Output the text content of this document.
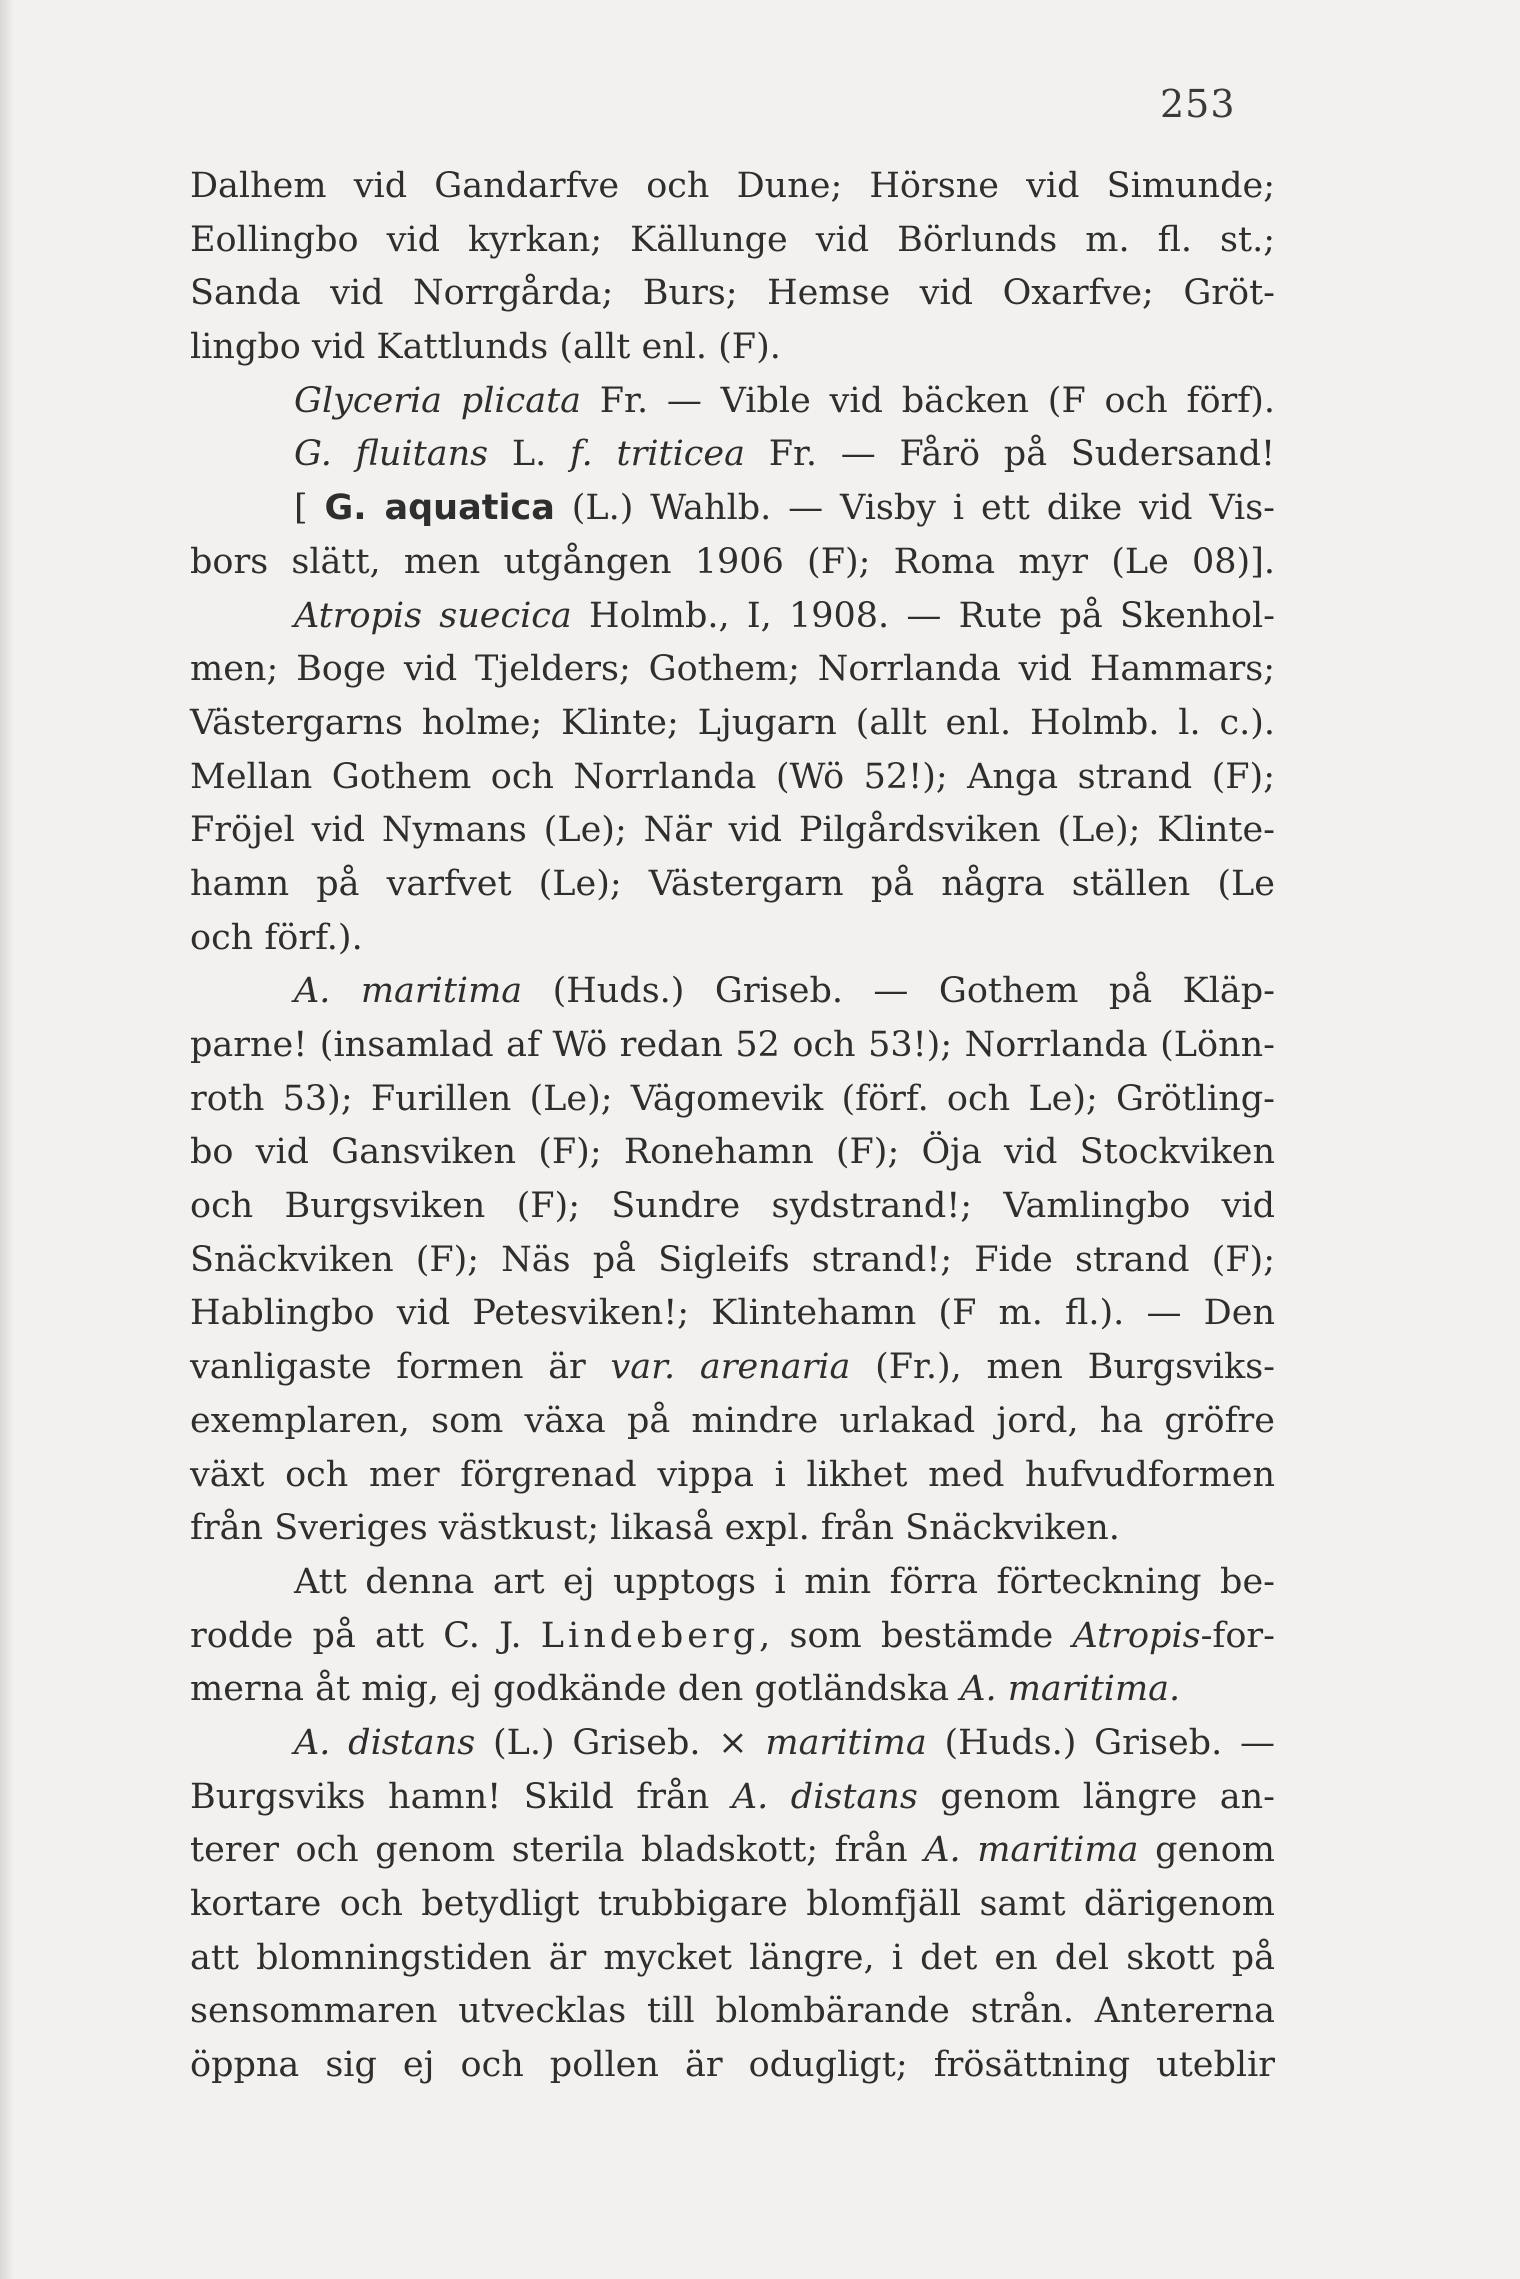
253
Dalhem vid Gandarfve och Dune; Hörsne vid Simunde;
Eollingbo vid kyrkan; Källunge vid Börlunds m. fl. st.;
Sanda vid Norrgårda; Burs; Hemse vid Oxarfve; Gröt-
lingbo vid Kattlunds (allt enl. (F).
Glyceria plicata Fr. — Vible vid bäcken (F och förf).
G. fluitans L. f. triticea Fr. — Fårö på Sudersand!
[ G. aquatica (L.) Wahlb. — Visby i ett dike vid Vis-
bors slätt, men utgången 1906 (F); Roma myr (Le 08)].
Atropis suecica Holmb., I, 1908. — Rute på Skenhol-
men; Boge vid Tjelders; Gothem; Norrlanda vid Hammars;
Västergarns holme; Klinte; Ljugarn (allt enl. Holmb. l. c.).
Mellan Gothem och Norrlanda (Wö 52!); Anga strand (F);
Fröjel vid Nymans (Le); När vid Pilgårdsviken (Le); Klinte-
hamn på varfvet (Le); Västergarn på några ställen (Le
och förf.).
A. maritima (Huds.) Griseb. — Gothem på Kläp-
parne! (insamlad af Wö redan 52 och 53!); Norrlanda (Lönn-
roth 53); Furillen (Le); Vägomevik (förf. och Le); Grötling-
bo vid Gansviken (F); Ronehamn (F); Öja vid Stockviken
och Burgsviken (F); Sundre sydstrand!; Vamlingbo vid
Snäckviken (F); Näs på Sigleifs strand!; Fide strand (F);
Hablingbo vid Petesviken!; Klintehamn (F m. fl.). — Den
vanligaste formen är var. arenaria (Fr.), men Burgsviks-
exemplaren, som växa på mindre urlakad jord, ha gröfre
växt och mer förgrenad vippa i likhet med hufvudformen
från Sveriges västkust; likaså expl. från Snäckviken.
Att denna art ej upptogs i min förra förteckning be-
rodde på att C. J. Lindeberg, som bestämde Atropis-for-
merna åt mig, ej godkände den gotländska A. maritima.
A. distans (L.) Griseb. × maritima (Huds.) Griseb. —
Burgsviks hamn! Skild från A. distans genom längre an-
terer och genom sterila bladskott; från A. maritima genom
kortare och betydligt trubbigare blomfjäll samt därigenom
att blomningstiden är mycket längre, i det en del skott på
sensommaren utvecklas till blombärande strån. Antererna
öppna sig ej och pollen är odugligt; frösättning uteblir
